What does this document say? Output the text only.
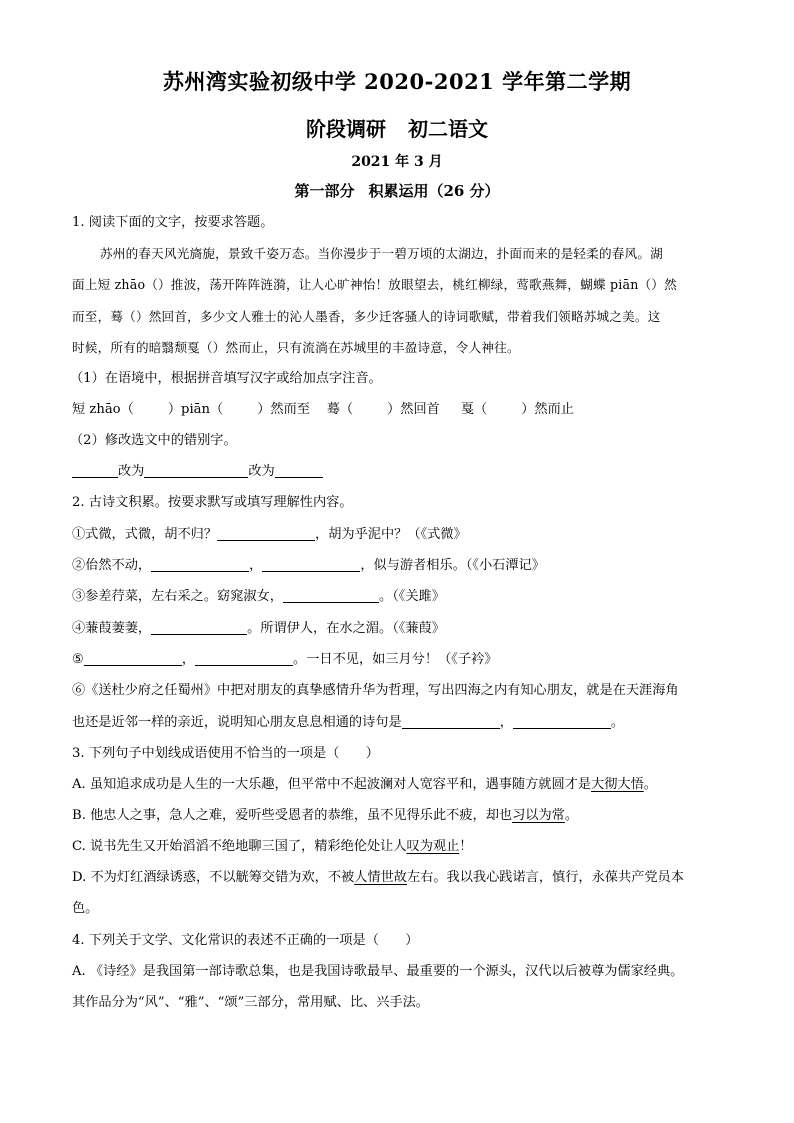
苏州湾实验初级中学 2020-2021 学年第二学期
阶段调研 初二语文
2021 年 3 月
第一部分 积累运用（26 分）
1. 阅读下面的文字，按要求答题。
苏州的春天风光旖旎，景致千姿万态。当你漫步于一碧万顷的太湖边，扑面而来的是轻柔的春风。湖
面上短 zhāo（）推波，荡开阵阵涟漪，让人心旷神怡！放眼望去，桃红柳绿，莺歌燕舞，蝴蝶 piān（）然
而至，蓦（）然回首，多少文人雅士的沁人墨香，多少迁客骚人的诗词歌赋，带着我们领略苏城之美。这
时候，所有的暗翳颓戛（）然而止，只有流淌在苏城里的丰盈诗意，令人神往。
（1）在语境中，根据拼音填写汉字或给加点字注音。
短 zhāo（	）piān（	）然而至 蓦（	）然回首 戛（	）然而止
（2）修改选文中的错别字。
改为	改为
2. 古诗文积累。按要求默写或填写理解性内容。
①式微，式微，胡不归？	，胡为乎泥中？（《式微》
②佁然不动，	，	，似与游者相乐。（《小石潭记》
③参差荇菜，左右采之。窈窕淑女，	。（《关雎》
④蒹葭萋萋，	。所谓伊人，在水之湄。（《蒹葭》
⑤	，	。一日不见，如三月兮！（《子衿》
⑥《送杜少府之任蜀州》中把对朋友的真挚感情升华为哲理，写出四海之内有知心朋友，就是在天涯海角
也还是近邻一样的亲近，说明知心朋友息息相通的诗句是	，	。
3. 下列句子中划线成语使用不恰当的一项是（　　）
A. 虽知追求成功是人生的一大乐趣，但平常中不起波澜对人宽容平和，遇事随方就圆才是大彻大悟。
B. 他忠人之事，急人之难，爱听些受恩者的恭维，虽不见得乐此不疲，却也习以为常。
C. 说书先生又开始滔滔不绝地聊三国了，精彩绝伦处让人叹为观止！
D. 不为灯红酒绿诱惑，不以觥筹交错为欢，不被人情世故左右。我以我心践诺言，慎行，永葆共产党员本
色。
4. 下列关于文学、文化常识的表述不正确的一项是（　　）
A. 《诗经》是我国第一部诗歌总集，也是我国诗歌最早、最重要的一个源头，汉代以后被尊为儒家经典。
其作品分为“风”、“雅”、“颂”三部分，常用赋、比、兴手法。
